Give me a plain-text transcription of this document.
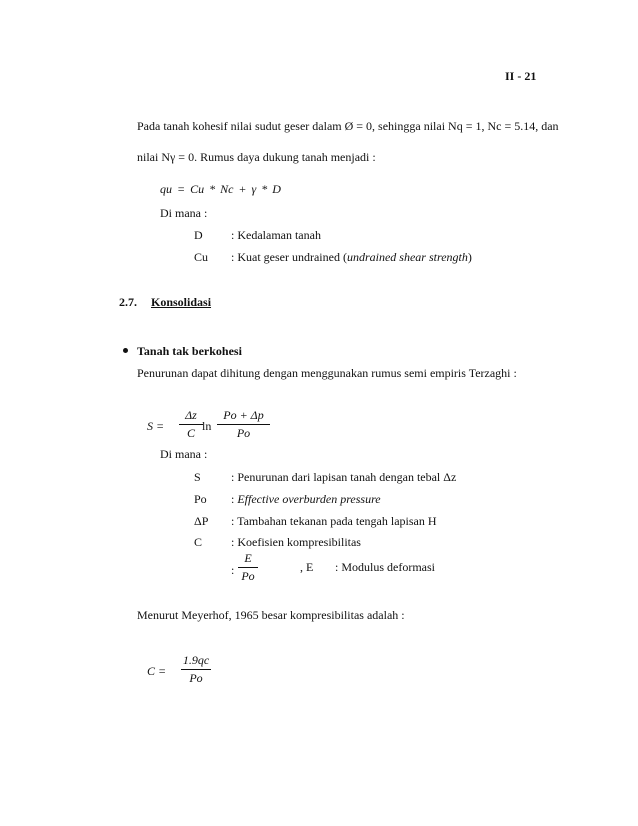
II - 21
Pada tanah kohesif nilai sudut geser dalam Ø = 0, sehingga nilai Nq = 1, Nc = 5.14, dan
nilai Nγ = 0. Rumus daya dukung tanah menjadi :
qu = Cu * Nc + γ * D
Di mana :
D : Kedalaman tanah
Cu : Kuat geser undrained (undrained shear strength)
2.7. Konsolidasi
Tanah tak berkohesi
Penurunan dapat dihitung dengan menggunakan rumus semi empiris Terzaghi :
S =
Δz
C ln
Po + Δp
Po
Di mana :
S	: Penurunan dari lapisan tanah dengan tebal Δz
Po : Effective overburden pressure
ΔP : Tambahan tekanan pada tengah lapisan H
C : Koefisien kompresibilitas
:
E
Po
, E : Modulus deformasi
Menurut Meyerhof, 1965 besar kompresibilitas adalah :
C =
1.9qc
Po
